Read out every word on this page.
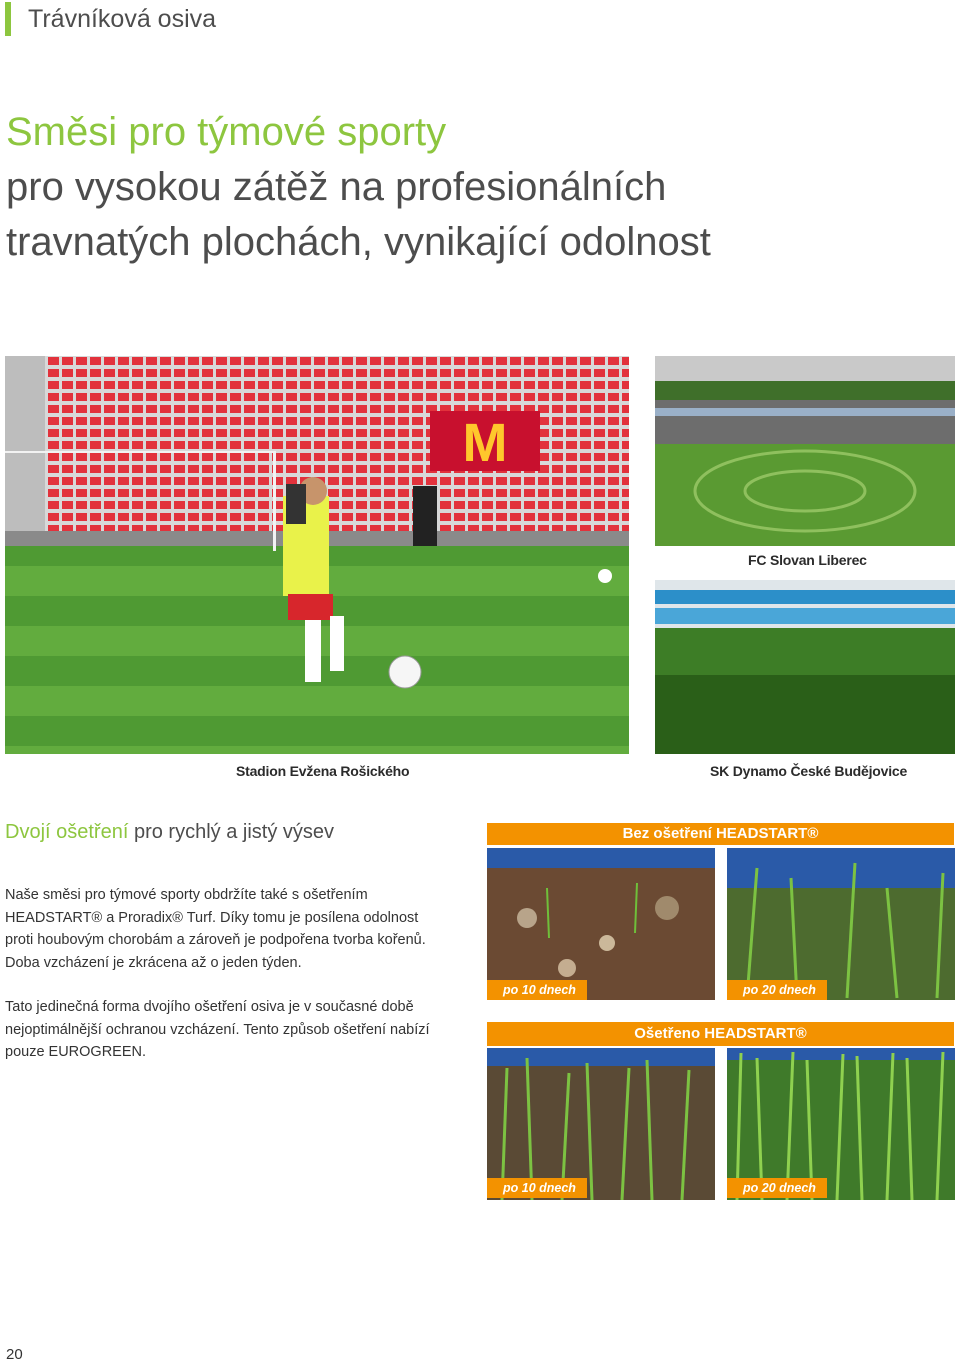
Trávníková osiva
Směsi pro týmové sporty
pro vysokou zátěž na profesionálních
travnatých plochách, vynikající odolnost
M
Stadion Evžena Rošického
FC Slovan Liberec
SK Dynamo České Budějovice
Dvojí ošetření pro rychlý a jistý výsev
Naše směsi pro týmové sporty obdržíte také s ošetřením HEADSTART® a Proradix® Turf. Díky tomu je posílena odolnost proti houbovým chorobám a zároveň je podpořena tvorba kořenů. Doba vzcházení je zkrácena až o jeden týden.
Tato jedinečná forma dvojího ošetření osiva je v současné době nejoptimálnější ochranou vzcházení. Tento způsob ošetření nabízí pouze EUROGREEN.
Bez ošetření HEADSTART®
po 10 dnech	po 20 dnech
Ošetřeno HEADSTART®
po 10 dnech	po 20 dnech
20
